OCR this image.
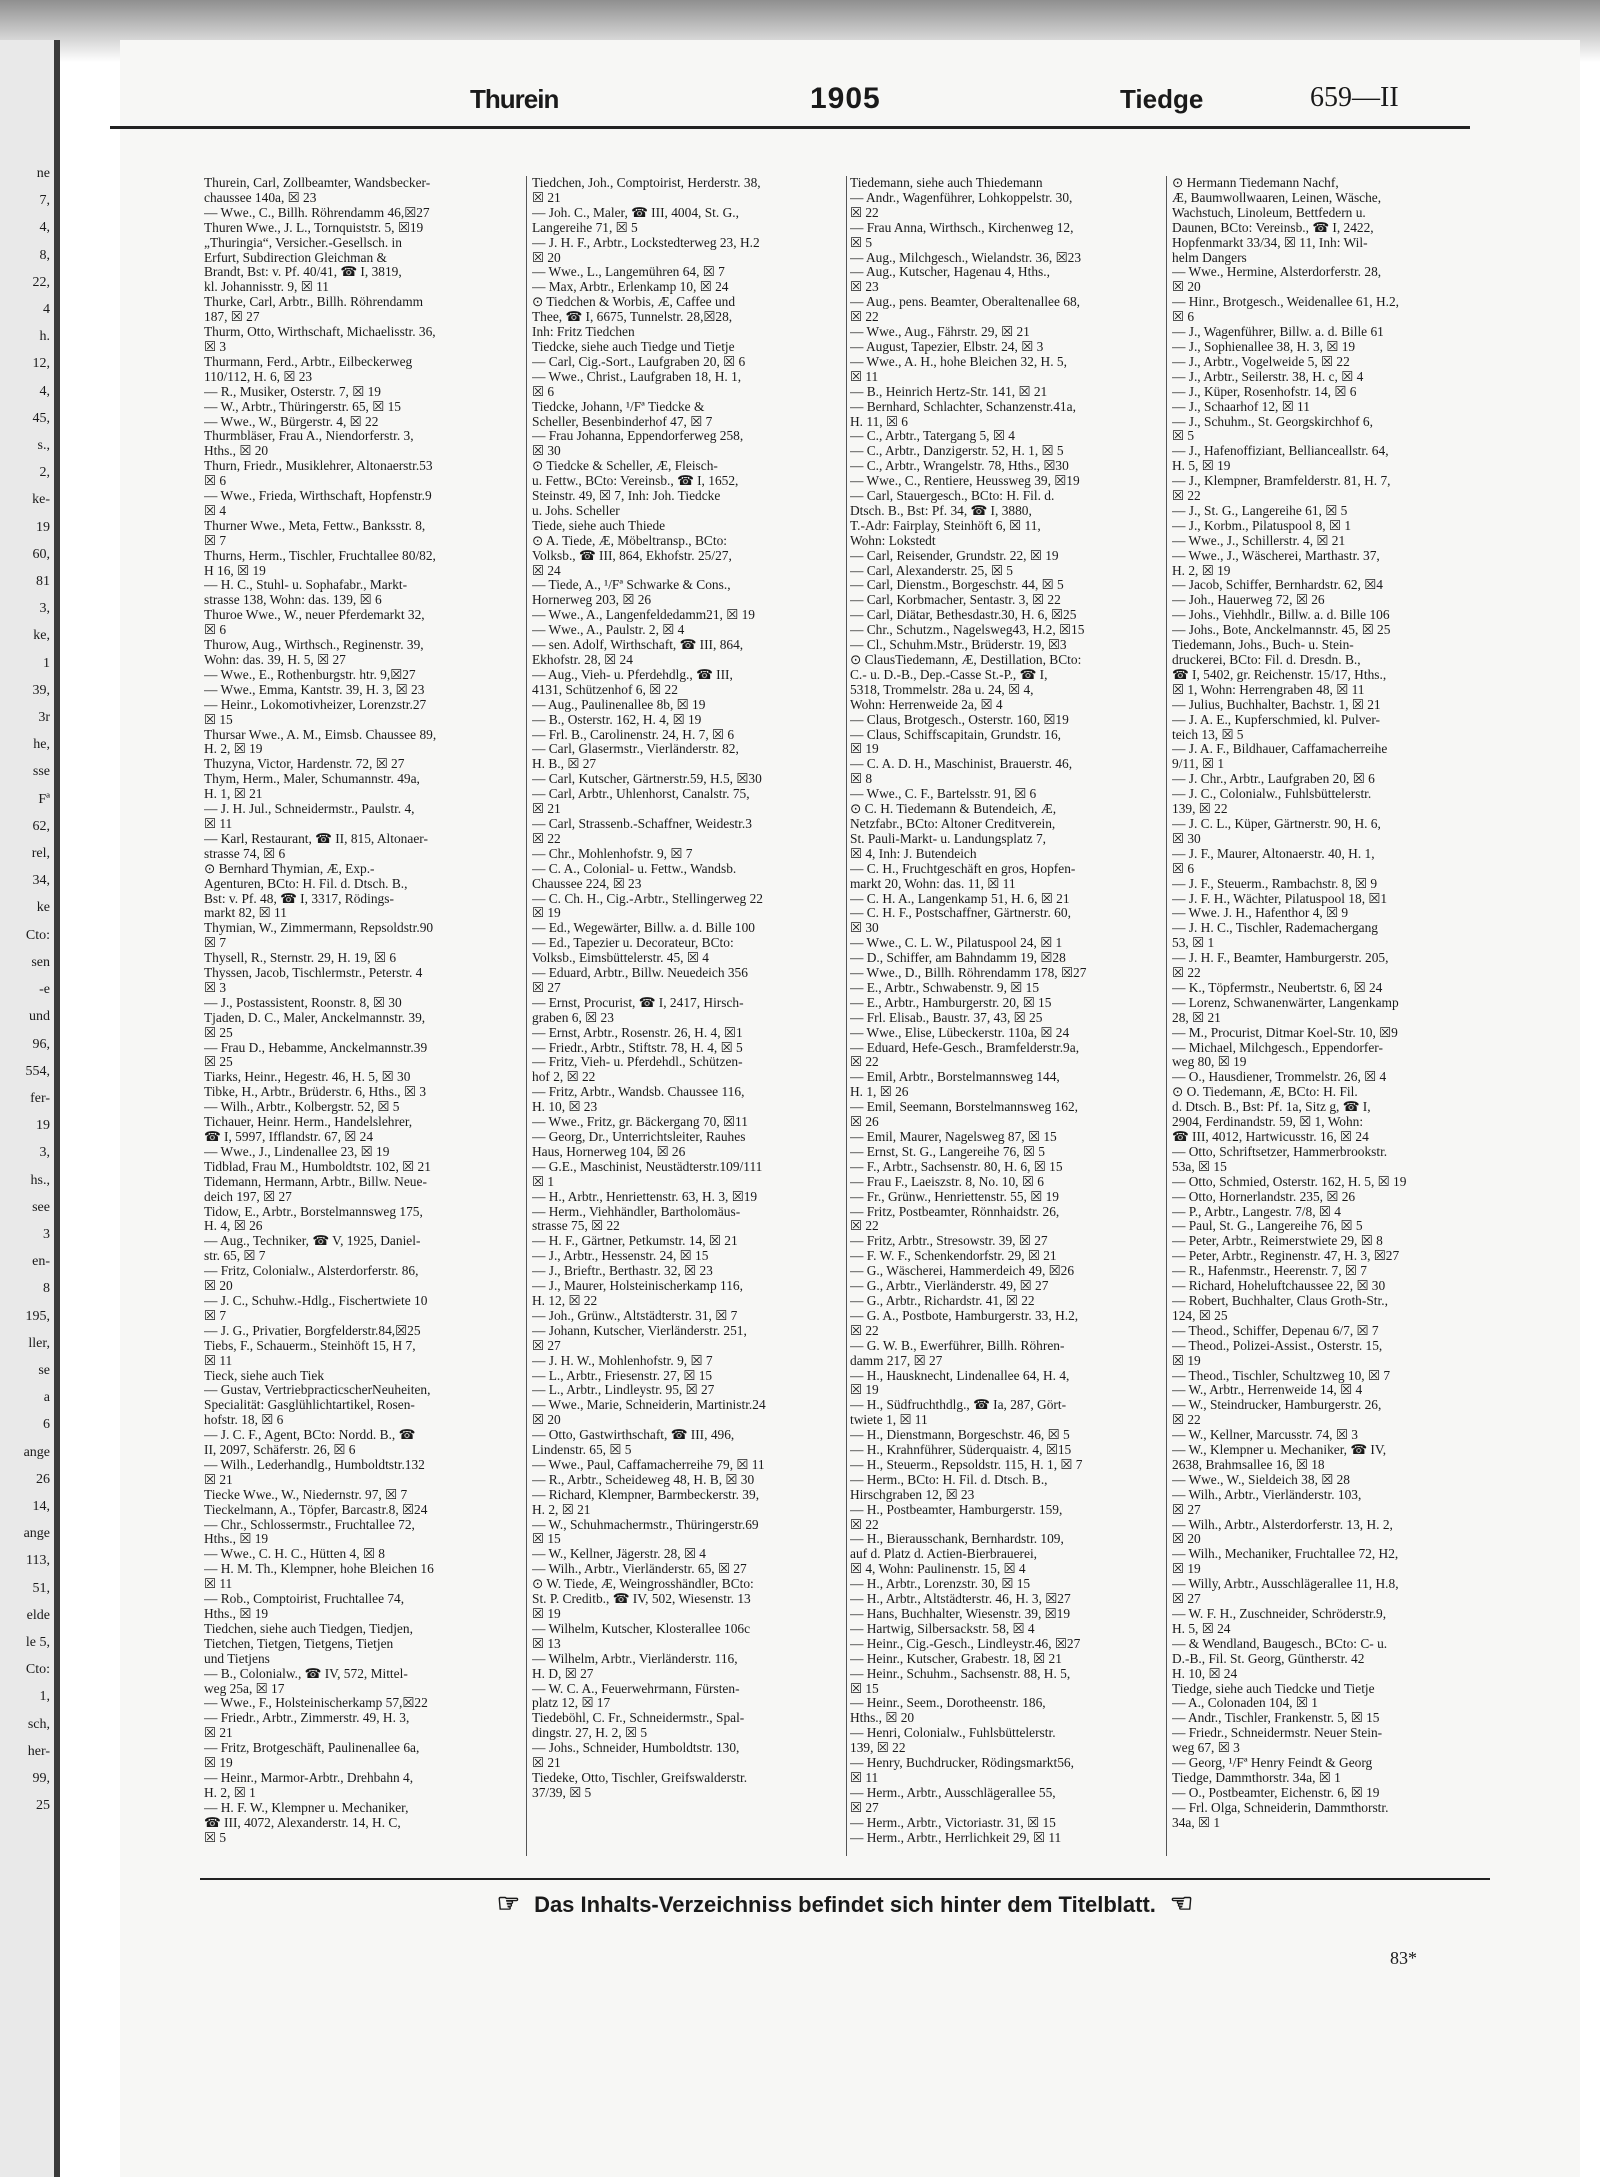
ne
7,
4,
8,
22,
4
h.
12,
4,
45,
s.,
2,
ke-
19
60,
81
3,
ke,
1
39,
3r
he,
sse
Fª
62,
rel,
34,
ke
Cto:
sen
-e
und
96,
554,
fer-
19
3,
hs.,
see
3
en-
8
195,
ller,
se
a
6
ange
26
14,
ange
113,
51,
elde
le 5,
Cto:
1,
sch,
her-
99,
25
Thurein	1905	Tiedge	659—II
Thurein, Carl, Zollbeamter, Wandsbecker-
chaussee 140a, ☒ 23
— Wwe., C., Billh. Röhrendamm 46,☒27
Thuren Wwe., J. L., Tornquiststr. 5, ☒19
„Thuringia“, Versicher.-Gesellsch. in
Erfurt, Subdirection Gleichman &
Brandt, Bst: v. Pf. 40/41, ☎ I, 3819,
kl. Johannisstr. 9, ☒ 11
Thurke, Carl, Arbtr., Billh. Röhrendamm
187, ☒ 27
Thurm, Otto, Wirthschaft, Michaelisstr. 36,
☒ 3
Thurmann, Ferd., Arbtr., Eilbeckerweg
110/112, H. 6, ☒ 23
— R., Musiker, Osterstr. 7, ☒ 19
— W., Arbtr., Thüringerstr. 65, ☒ 15
— Wwe., W., Bürgerstr. 4, ☒ 22
Thurmbläser, Frau A., Niendorferstr. 3,
Hths., ☒ 20
Thurn, Friedr., Musiklehrer, Altonaerstr.53
☒ 6
— Wwe., Frieda, Wirthschaft, Hopfenstr.9
☒ 4
Thurner Wwe., Meta, Fettw., Banksstr. 8,
☒ 7
Thurns, Herm., Tischler, Fruchtallee 80/82,
H 16, ☒ 19
— H. C., Stuhl- u. Sophafabr., Markt-
strasse 138, Wohn: das. 139, ☒ 6
Thuroe Wwe., W., neuer Pferdemarkt 32,
☒ 6
Thurow, Aug., Wirthsch., Reginenstr. 39,
Wohn: das. 39, H. 5, ☒ 27
— Wwe., E., Rothenburgstr. htr. 9,☒27
— Wwe., Emma, Kantstr. 39, H. 3, ☒ 23
— Heinr., Lokomotivheizer, Lorenzstr.27
☒ 15
Thursar Wwe., A. M., Eimsb. Chaussee 89,
H. 2, ☒ 19
Thuzyna, Victor, Hardenstr. 72, ☒ 27
Thym, Herm., Maler, Schumannstr. 49a,
H. 1, ☒ 21
— J. H. Jul., Schneidermstr., Paulstr. 4,
☒ 11
— Karl, Restaurant, ☎ II, 815, Altonaer-
strasse 74, ☒ 6
⊙ Bernhard Thymian, Æ, Exp.-
Agenturen, BCto: H. Fil. d. Dtsch. B.,
Bst: v. Pf. 48, ☎ I, 3317, Rödings-
markt 82, ☒ 11
Thymian, W., Zimmermann, Repsoldstr.90
☒ 7
Thysell, R., Sternstr. 29, H. 19, ☒ 6
Thyssen, Jacob, Tischlermstr., Peterstr. 4
☒ 3
— J., Postassistent, Roonstr. 8, ☒ 30
Tjaden, D. C., Maler, Anckelmannstr. 39,
☒ 25
— Frau D., Hebamme, Anckelmannstr.39
☒ 25
Tiarks, Heinr., Hegestr. 46, H. 5, ☒ 30
Tibke, H., Arbtr., Brüderstr. 6, Hths., ☒ 3
— Wilh., Arbtr., Kolbergstr. 52, ☒ 5
Tichauer, Heinr. Herm., Handelslehrer,
☎ I, 5997, Ifflandstr. 67, ☒ 24
— Wwe., J., Lindenallee 23, ☒ 19
Tidblad, Frau M., Humboldtstr. 102, ☒ 21
Tidemann, Hermann, Arbtr., Billw. Neue-
deich 197, ☒ 27
Tidow, E., Arbtr., Borstelmannsweg 175,
H. 4, ☒ 26
— Aug., Techniker, ☎ V, 1925, Daniel-
str. 65, ☒ 7
— Fritz, Colonialw., Alsterdorferstr. 86,
☒ 20
— J. C., Schuhw.-Hdlg., Fischertwiete 10
☒ 7
— J. G., Privatier, Borgfelderstr.84,☒25
Tiebs, F., Schauerm., Steinhöft 15, H 7,
☒ 11
Tieck, siehe auch Tiek
— Gustav, VertriebpracticscherNeuheiten,
Specialität: Gasglühlichtartikel, Rosen-
hofstr. 18, ☒ 6
— J. C. F., Agent, BCto: Nordd. B., ☎
II, 2097, Schäferstr. 26, ☒ 6
— Wilh., Lederhandlg., Humboldtstr.132
☒ 21
Tiecke Wwe., W., Niedernstr. 97, ☒ 7
Tieckelmann, A., Töpfer, Barcastr.8, ☒24
— Chr., Schlossermstr., Fruchtallee 72,
Hths., ☒ 19
— Wwe., C. H. C., Hütten 4, ☒ 8
— H. M. Th., Klempner, hohe Bleichen 16
☒ 11
— Rob., Comptoirist, Fruchtallee 74,
Hths., ☒ 19
Tiedchen, siehe auch Tiedgen, Tiedjen,
Tietchen, Tietgen, Tietgens, Tietjen
und Tietjens
— B., Colonialw., ☎ IV, 572, Mittel-
weg 25a, ☒ 17
— Wwe., F., Holsteinischerkamp 57,☒22
— Friedr., Arbtr., Zimmerstr. 49, H. 3,
☒ 21
— Fritz, Brotgeschäft, Paulinenallee 6a,
☒ 19
— Heinr., Marmor-Arbtr., Drehbahn 4,
H. 2, ☒ 1
— H. F. W., Klempner u. Mechaniker,
☎ III, 4072, Alexanderstr. 14, H. C,
☒ 5
Tiedchen, Joh., Comptoirist, Herderstr. 38,
☒ 21
— Joh. C., Maler, ☎ III, 4004, St. G.,
Langereihe 71, ☒ 5
— J. H. F., Arbtr., Lockstedterweg 23, H.2
☒ 20
— Wwe., L., Langemühren 64, ☒ 7
— Max, Arbtr., Erlenkamp 10, ☒ 24
⊙ Tiedchen & Worbis, Æ, Caffee und
Thee, ☎ I, 6675, Tunnelstr. 28,☒28,
Inh: Fritz Tiedchen
Tiedcke, siehe auch Tiedge und Tietje
— Carl, Cig.-Sort., Laufgraben 20, ☒ 6
— Wwe., Christ., Laufgraben 18, H. 1,
☒ 6
Tiedcke, Johann, ¹/Fª Tiedcke &
Scheller, Besenbinderhof 47, ☒ 7
— Frau Johanna, Eppendorferweg 258,
☒ 30
⊙ Tiedcke & Scheller, Æ, Fleisch-
u. Fettw., BCto: Vereinsb., ☎ I, 1652,
Steinstr. 49, ☒ 7, Inh: Joh. Tiedcke
u. Johs. Scheller
Tiede, siehe auch Thiede
⊙ A. Tiede, Æ, Möbeltransp., BCto:
Volksb., ☎ III, 864, Ekhofstr. 25/27,
☒ 24
— Tiede, A., ¹/Fª Schwarke & Cons.,
Hornerweg 203, ☒ 26
— Wwe., A., Langenfeldedamm21, ☒ 19
— Wwe., A., Paulstr. 2, ☒ 4
— sen. Adolf, Wirthschaft, ☎ III, 864,
Ekhofstr. 28, ☒ 24
— Aug., Vieh- u. Pferdehdlg., ☎ III,
4131, Schützenhof 6, ☒ 22
— Aug., Paulinenallee 8b, ☒ 19
— B., Osterstr. 162, H. 4, ☒ 19
— Frl. B., Carolinenstr. 24, H. 7, ☒ 6
— Carl, Glasermstr., Vierländerstr. 82,
H. B., ☒ 27
— Carl, Kutscher, Gärtnerstr.59, H.5, ☒30
— Carl, Arbtr., Uhlenhorst, Canalstr. 75,
☒ 21
— Carl, Strassenb.-Schaffner, Weidestr.3
☒ 22
— Chr., Mohlenhofstr. 9, ☒ 7
— C. A., Colonial- u. Fettw., Wandsb.
Chaussee 224, ☒ 23
— C. Ch. H., Cig.-Arbtr., Stellingerweg 22
☒ 19
— Ed., Wegewärter, Billw. a. d. Bille 100
— Ed., Tapezier u. Decorateur, BCto:
Volksb., Eimsbüttelerstr. 45, ☒ 4
— Eduard, Arbtr., Billw. Neuedeich 356
☒ 27
— Ernst, Procurist, ☎ I, 2417, Hirsch-
graben 6, ☒ 23
— Ernst, Arbtr., Rosenstr. 26, H. 4, ☒1
— Friedr., Arbtr., Stiftstr. 78, H. 4, ☒ 5
— Fritz, Vieh- u. Pferdehdl., Schützen-
hof 2, ☒ 22
— Fritz, Arbtr., Wandsb. Chaussee 116,
H. 10, ☒ 23
— Wwe., Fritz, gr. Bäckergang 70, ☒11
— Georg, Dr., Unterrichtsleiter, Rauhes
Haus, Hornerweg 104, ☒ 26
— G.E., Maschinist, Neustädterstr.109/111
☒ 1
— H., Arbtr., Henriettenstr. 63, H. 3, ☒19
— Herm., Viehhändler, Bartholomäus-
strasse 75, ☒ 22
— H. F., Gärtner, Petkumstr. 14, ☒ 21
— J., Arbtr., Hessenstr. 24, ☒ 15
— J., Brieftr., Berthastr. 32, ☒ 23
— J., Maurer, Holsteinischerkamp 116,
H. 12, ☒ 22
— Joh., Grünw., Altstädterstr. 31, ☒ 7
— Johann, Kutscher, Vierländerstr. 251,
☒ 27
— J. H. W., Mohlenhofstr. 9, ☒ 7
— L., Arbtr., Friesenstr. 27, ☒ 15
— L., Arbtr., Lindleystr. 95, ☒ 27
— Wwe., Marie, Schneiderin, Martinistr.24
☒ 20
— Otto, Gastwirthschaft, ☎ III, 496,
Lindenstr. 65, ☒ 5
— Wwe., Paul, Caffamacherreihe 79, ☒ 11
— R., Arbtr., Scheideweg 48, H. B, ☒ 30
— Richard, Klempner, Barmbeckerstr. 39,
H. 2, ☒ 21
— W., Schuhmachermstr., Thüringerstr.69
☒ 15
— W., Kellner, Jägerstr. 28, ☒ 4
— Wilh., Arbtr., Vierländerstr. 65, ☒ 27
⊙ W. Tiede, Æ, Weingrosshändler, BCto:
St. P. Creditb., ☎ IV, 502, Wiesenstr. 13
☒ 19
— Wilhelm, Kutscher, Klosterallee 106c
☒ 13
— Wilhelm, Arbtr., Vierländerstr. 116,
H. D, ☒ 27
— W. C. A., Feuerwehrmann, Fürsten-
platz 12, ☒ 17
Tiedeböhl, C. Fr., Schneidermstr., Spal-
dingstr. 27, H. 2, ☒ 5
— Johs., Schneider, Humboldtstr. 130,
☒ 21
Tiedeke, Otto, Tischler, Greifswalderstr.
37/39, ☒ 5
Tiedemann, siehe auch Thiedemann
— Andr., Wagenführer, Lohkoppelstr. 30,
☒ 22
— Frau Anna, Wirthsch., Kirchenweg 12,
☒ 5
— Aug., Milchgesch., Wielandstr. 36, ☒23
— Aug., Kutscher, Hagenau 4, Hths.,
☒ 23
— Aug., pens. Beamter, Oberaltenallee 68,
☒ 22
— Wwe., Aug., Fährstr. 29, ☒ 21
— August, Tapezier, Elbstr. 24, ☒ 3
— Wwe., A. H., hohe Bleichen 32, H. 5,
☒ 11
— B., Heinrich Hertz-Str. 141, ☒ 21
— Bernhard, Schlachter, Schanzenstr.41a,
H. 11, ☒ 6
— C., Arbtr., Tatergang 5, ☒ 4
— C., Arbtr., Danzigerstr. 52, H. 1, ☒ 5
— C., Arbtr., Wrangelstr. 78, Hths., ☒30
— Wwe., C., Rentiere, Heussweg 39, ☒19
— Carl, Stauergesch., BCto: H. Fil. d.
Dtsch. B., Bst: Pf. 34, ☎ I, 3880,
T.-Adr: Fairplay, Steinhöft 6, ☒ 11,
Wohn: Lokstedt
— Carl, Reisender, Grundstr. 22, ☒ 19
— Carl, Alexanderstr. 25, ☒ 5
— Carl, Dienstm., Borgeschstr. 44, ☒ 5
— Carl, Korbmacher, Sentastr. 3, ☒ 22
— Carl, Diätar, Bethesdastr.30, H. 6, ☒25
— Chr., Schutzm., Nagelsweg43, H.2, ☒15
— Cl., Schuhm.Mstr., Brüderstr. 19, ☒3
⊙ ClausTiedemann, Æ, Destillation, BCto:
C.- u. D.-B., Dep.-Casse St.-P., ☎ I,
5318, Trommelstr. 28a u. 24, ☒ 4,
Wohn: Herrenweide 2a, ☒ 4
— Claus, Brotgesch., Osterstr. 160, ☒19
— Claus, Schiffscapitain, Grundstr. 16,
☒ 19
— C. A. D. H., Maschinist, Brauerstr. 46,
☒ 8
— Wwe., C. F., Bartelsstr. 91, ☒ 6
⊙ C. H. Tiedemann & Butendeich, Æ,
Netzfabr., BCto: Altoner Creditverein,
St. Pauli-Markt- u. Landungsplatz 7,
☒ 4, Inh: J. Butendeich
— C. H., Fruchtgeschäft en gros, Hopfen-
markt 20, Wohn: das. 11, ☒ 11
— C. H. A., Langenkamp 51, H. 6, ☒ 21
— C. H. F., Postschaffner, Gärtnerstr. 60,
☒ 30
— Wwe., C. L. W., Pilatuspool 24, ☒ 1
— D., Schiffer, am Bahndamm 19, ☒28
— Wwe., D., Billh. Röhrendamm 178, ☒27
— E., Arbtr., Schwabenstr. 9, ☒ 15
— E., Arbtr., Hamburgerstr. 20, ☒ 15
— Frl. Elisab., Baustr. 37, 43, ☒ 25
— Wwe., Elise, Lübeckerstr. 110a, ☒ 24
— Eduard, Hefe-Gesch., Bramfelderstr.9a,
☒ 22
— Emil, Arbtr., Borstelmannsweg 144,
H. 1, ☒ 26
— Emil, Seemann, Borstelmannsweg 162,
☒ 26
— Emil, Maurer, Nagelsweg 87, ☒ 15
— Ernst, St. G., Langereihe 76, ☒ 5
— F., Arbtr., Sachsenstr. 80, H. 6, ☒ 15
— Frau F., Laeiszstr. 8, No. 10, ☒ 6
— Fr., Grünw., Henriettenstr. 55, ☒ 19
— Fritz, Postbeamter, Rönnhaidstr. 26,
☒ 22
— Fritz, Arbtr., Stresowstr. 39, ☒ 27
— F. W. F., Schenkendorfstr. 29, ☒ 21
— G., Wäscherei, Hammerdeich 49, ☒26
— G., Arbtr., Vierländerstr. 49, ☒ 27
— G., Arbtr., Richardstr. 41, ☒ 22
— G. A., Postbote, Hamburgerstr. 33, H.2,
☒ 22
— G. W. B., Ewerführer, Billh. Röhren-
damm 217, ☒ 27
— H., Hausknecht, Lindenallee 64, H. 4,
☒ 19
— H., Südfruchthdlg., ☎ Ia, 287, Gört-
twiete 1, ☒ 11
— H., Dienstmann, Borgeschstr. 46, ☒ 5
— H., Krahnführer, Süderquaistr. 4, ☒15
— H., Steuerm., Repsoldstr. 115, H. 1, ☒ 7
— Herm., BCto: H. Fil. d. Dtsch. B.,
Hirschgraben 12, ☒ 23
— H., Postbeamter, Hamburgerstr. 159,
☒ 22
— H., Bierausschank, Bernhardstr. 109,
auf d. Platz d. Actien-Bierbrauerei,
☒ 4, Wohn: Paulinenstr. 15, ☒ 4
— H., Arbtr., Lorenzstr. 30, ☒ 15
— H., Arbtr., Altstädterstr. 46, H. 3, ☒27
— Hans, Buchhalter, Wiesenstr. 39, ☒19
— Hartwig, Silbersackstr. 58, ☒ 4
— Heinr., Cig.-Gesch., Lindleystr.46, ☒27
— Heinr., Kutscher, Grabestr. 18, ☒ 21
— Heinr., Schuhm., Sachsenstr. 88, H. 5,
☒ 15
— Heinr., Seem., Dorotheenstr. 186,
Hths., ☒ 20
— Henri, Colonialw., Fuhlsbüttelerstr.
139, ☒ 22
— Henry, Buchdrucker, Rödingsmarkt56,
☒ 11
— Herm., Arbtr., Ausschlägerallee 55,
☒ 27
— Herm., Arbtr., Victoriastr. 31, ☒ 15
— Herm., Arbtr., Herrlichkeit 29, ☒ 11
⊙ Hermann Tiedemann Nachf,
Æ, Baumwollwaaren, Leinen, Wäsche,
Wachstuch, Linoleum, Bettfedern u.
Daunen, BCto: Vereinsb., ☎ I, 2422,
Hopfenmarkt 33/34, ☒ 11, Inh: Wil-
helm Dangers
— Wwe., Hermine, Alsterdorferstr. 28,
☒ 20
— Hinr., Brotgesch., Weidenallee 61, H.2,
☒ 6
— J., Wagenführer, Billw. a. d. Bille 61
— J., Sophienallee 38, H. 3, ☒ 19
— J., Arbtr., Vogelweide 5, ☒ 22
— J., Arbtr., Seilerstr. 38, H. c, ☒ 4
— J., Küper, Rosenhofstr. 14, ☒ 6
— J., Schaarhof 12, ☒ 11
— J., Schuhm., St. Georgskirchhof 6,
☒ 5
— J., Hafenoffiziant, Bellianceallstr. 64,
H. 5, ☒ 19
— J., Klempner, Bramfelderstr. 81, H. 7,
☒ 22
— J., St. G., Langereihe 61, ☒ 5
— J., Korbm., Pilatuspool 8, ☒ 1
— Wwe., J., Schillerstr. 4, ☒ 21
— Wwe., J., Wäscherei, Marthastr. 37,
H. 2, ☒ 19
— Jacob, Schiffer, Bernhardstr. 62, ☒4
— Joh., Hauerweg 72, ☒ 26
— Johs., Viehhdlr., Billw. a. d. Bille 106
— Johs., Bote, Anckelmannstr. 45, ☒ 25
Tiedemann, Johs., Buch- u. Stein-
druckerei, BCto: Fil. d. Dresdn. B.,
☎ I, 5402, gr. Reichenstr. 15/17, Hths.,
☒ 1, Wohn: Herrengraben 48, ☒ 11
— Julius, Buchhalter, Bachstr. 1, ☒ 21
— J. A. E., Kupferschmied, kl. Pulver-
teich 13, ☒ 5
— J. A. F., Bildhauer, Caffamacherreihe
9/11, ☒ 1
— J. Chr., Arbtr., Laufgraben 20, ☒ 6
— J. C., Colonialw., Fuhlsbüttelerstr.
139, ☒ 22
— J. C. L., Küper, Gärtnerstr. 90, H. 6,
☒ 30
— J. F., Maurer, Altonaerstr. 40, H. 1,
☒ 6
— J. F., Steuerm., Rambachstr. 8, ☒ 9
— J. F. H., Wächter, Pilatuspool 18, ☒1
— Wwe. J. H., Hafenthor 4, ☒ 9
— J. H. C., Tischler, Rademachergang
53, ☒ 1
— J. H. F., Beamter, Hamburgerstr. 205,
☒ 22
— K., Töpfermstr., Neubertstr. 6, ☒ 24
— Lorenz, Schwanenwärter, Langenkamp
28, ☒ 21
— M., Procurist, Ditmar Koel-Str. 10, ☒9
— Michael, Milchgesch., Eppendorfer-
weg 80, ☒ 19
— O., Hausdiener, Trommelstr. 26, ☒ 4
⊙ O. Tiedemann, Æ, BCto: H. Fil.
d. Dtsch. B., Bst: Pf. 1a, Sitz g, ☎ I,
2904, Ferdinandstr. 59, ☒ 1, Wohn:
☎ III, 4012, Hartwicusstr. 16, ☒ 24
— Otto, Schriftsetzer, Hammerbrookstr.
53a, ☒ 15
— Otto, Schmied, Osterstr. 162, H. 5, ☒ 19
— Otto, Hornerlandstr. 235, ☒ 26
— P., Arbtr., Langestr. 7/8, ☒ 4
— Paul, St. G., Langereihe 76, ☒ 5
— Peter, Arbtr., Reimerstwiete 29, ☒ 8
— Peter, Arbtr., Reginenstr. 47, H. 3, ☒27
— R., Hafenmstr., Heerenstr. 7, ☒ 7
— Richard, Hoheluftchaussee 22, ☒ 30
— Robert, Buchhalter, Claus Groth-Str.,
124, ☒ 25
— Theod., Schiffer, Depenau 6/7, ☒ 7
— Theod., Polizei-Assist., Osterstr. 15,
☒ 19
— Theod., Tischler, Schultzweg 10, ☒ 7
— W., Arbtr., Herrenweide 14, ☒ 4
— W., Steindrucker, Hamburgerstr. 26,
☒ 22
— W., Kellner, Marcusstr. 74, ☒ 3
— W., Klempner u. Mechaniker, ☎ IV,
2638, Brahmsallee 16, ☒ 18
— Wwe., W., Sieldeich 38, ☒ 28
— Wilh., Arbtr., Vierländerstr. 103,
☒ 27
— Wilh., Arbtr., Alsterdorferstr. 13, H. 2,
☒ 20
— Wilh., Mechaniker, Fruchtallee 72, H2,
☒ 19
— Willy, Arbtr., Ausschlägerallee 11, H.8,
☒ 27
— W. F. H., Zuschneider, Schröderstr.9,
H. 5, ☒ 24
— & Wendland, Baugesch., BCto: C- u.
D.-B., Fil. St. Georg, Güntherstr. 42
H. 10, ☒ 24
Tiedge, siehe auch Tiedcke und Tietje
— A., Colonaden 104, ☒ 1
— Andr., Tischler, Frankenstr. 5, ☒ 15
— Friedr., Schneidermstr. Neuer Stein-
weg 67, ☒ 3
— Georg, ¹/Fª Henry Feindt & Georg
Tiedge, Dammthorstr. 34a, ☒ 1
— O., Postbeamter, Eichenstr. 6, ☒ 19
— Frl. Olga, Schneiderin, Dammthorstr.
34a, ☒ 1
☞ Das Inhalts-Verzeichniss befindet sich hinter dem Titelblatt. ☜
83*
